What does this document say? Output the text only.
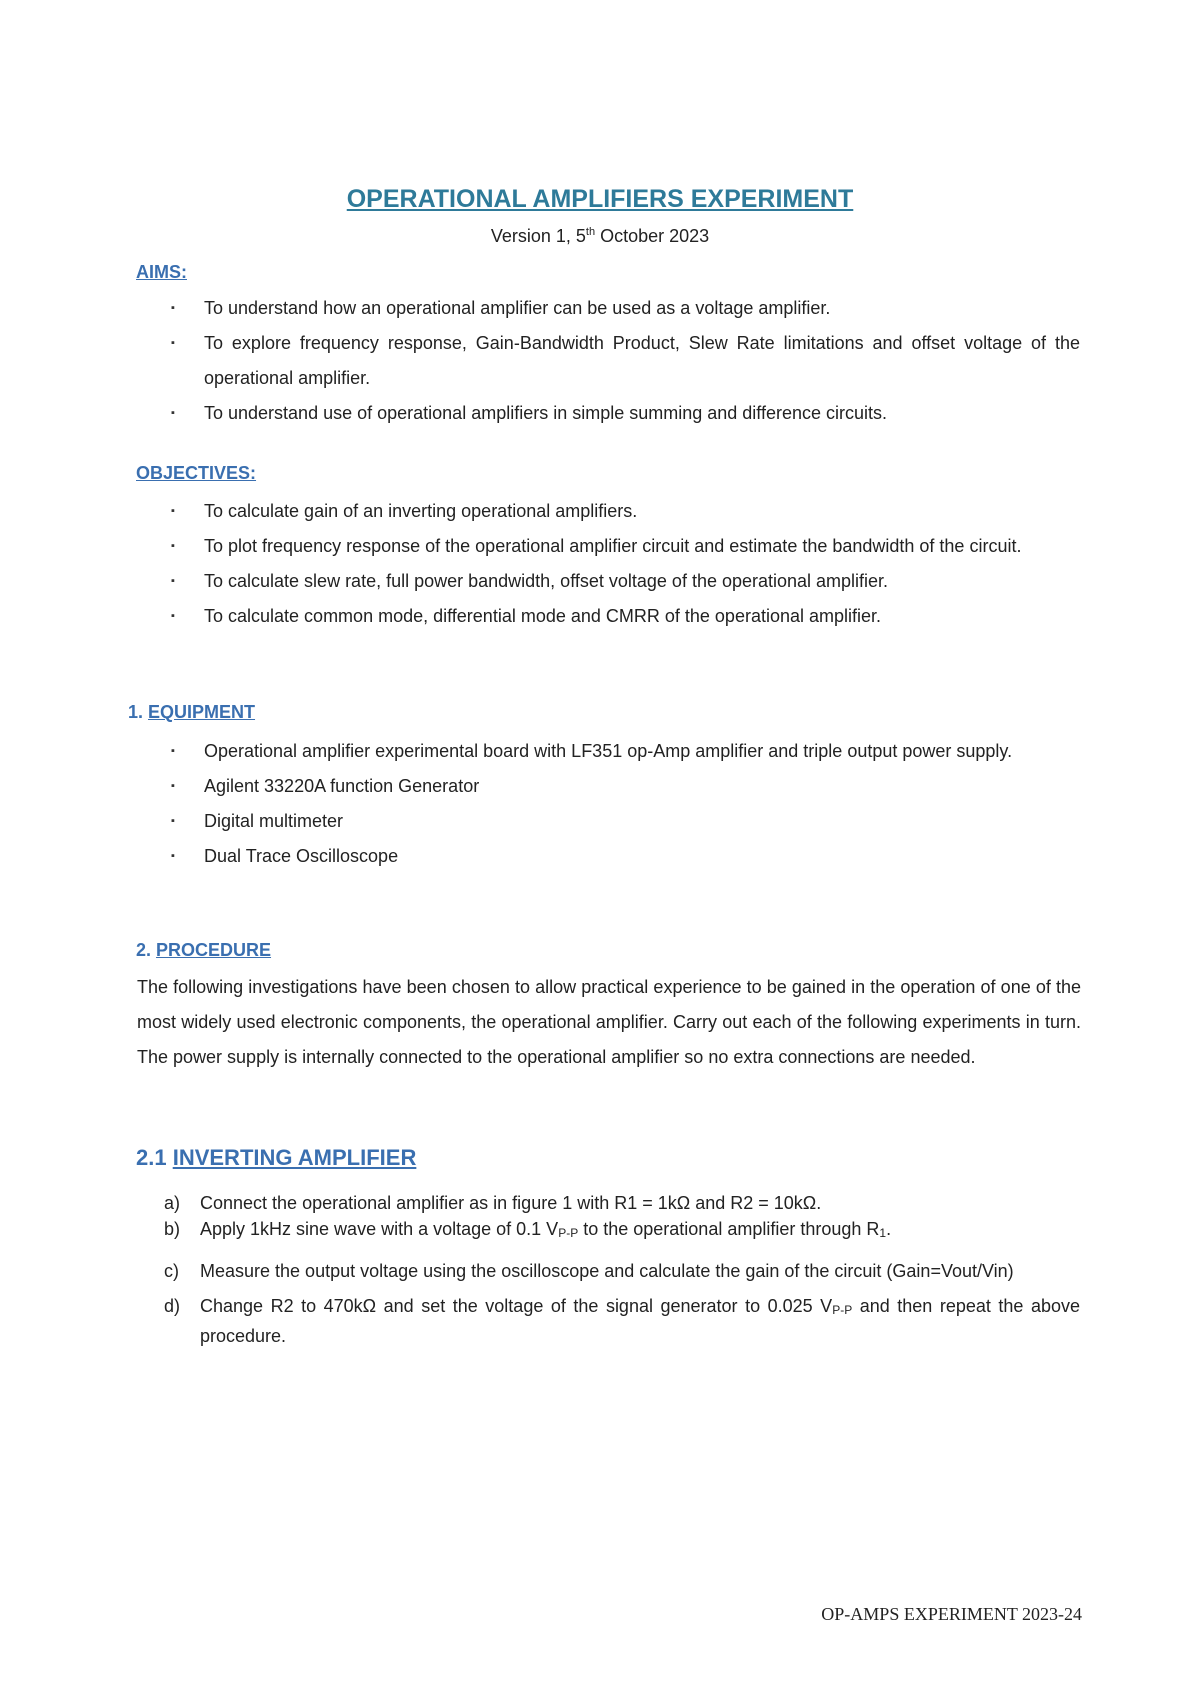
OPERATIONAL AMPLIFIERS EXPERIMENT
Version 1, 5th October 2023
AIMS:
▪ To understand how an operational amplifier can be used as a voltage amplifier.
▪ To explore frequency response, Gain-Bandwidth Product, Slew Rate limitations and offset voltage of the operational amplifier.
▪ To understand use of operational amplifiers in simple summing and difference circuits.
OBJECTIVES:
▪ To calculate gain of an inverting operational amplifiers.
▪ To plot frequency response of the operational amplifier circuit and estimate the bandwidth of the circuit.
▪ To calculate slew rate, full power bandwidth, offset voltage of the operational amplifier.
▪ To calculate common mode, differential mode and CMRR of the operational amplifier.
1. EQUIPMENT
▪ Operational amplifier experimental board with LF351 op-Amp amplifier and triple output power supply.
▪ Agilent 33220A function Generator
▪ Digital multimeter
▪ Dual Trace Oscilloscope
2. PROCEDURE

The following investigations have been chosen to allow practical experience to be gained in the operation of one of the most widely used electronic components, the operational amplifier. Carry out each of the following experiments in turn. The power supply is internally connected to the operational amplifier so no extra connections are needed.

2.1 INVERTING AMPLIFIER
a) Connect the operational amplifier as in figure 1 with R1 = 1kΩ and R2 = 10kΩ.
b) Apply 1kHz sine wave with a voltage of 0.1 VP-P to the operational amplifier through R1.
c) Measure the output voltage using the oscilloscope and calculate the gain of the circuit (Gain=Vout/Vin)
d) Change R2 to 470kΩ and set the voltage of the signal generator to 0.025 VP-P and then repeat the above procedure.
OP-AMPS EXPERIMENT 2023-24
